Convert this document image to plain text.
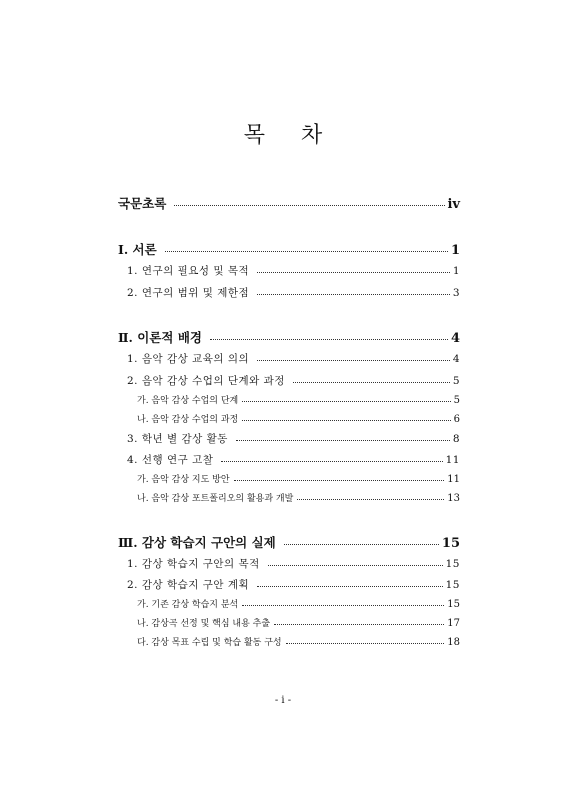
목 차
국문초록	ⅳ
Ⅰ. 서론	1
1. 연구의 필요성 및 목적	1
2. 연구의 범위 및 제한점	3
Ⅱ. 이론적 배경	4
1. 음악 감상 교육의 의의	4
2. 음악 감상 수업의 단계와 과정	5
가. 음악 감상 수업의 단계	5
나. 음악 감상 수업의 과정	6
3. 학년 별 감상 활동	8
4. 선행 연구 고찰	11
가. 음악 감상 지도 방안	11
나. 음악 감상 포트폴리오의 활용과 개발	13
Ⅲ. 감상 학습지 구안의 실제	15
1. 감상 학습지 구안의 목적	15
2. 감상 학습지 구안 계획	15
가. 기존 감상 학습지 분석	15
나. 감상곡 선정 및 핵심 내용 추출	17
다. 감상 목표 수립 및 학습 활동 구성	18
- i -
